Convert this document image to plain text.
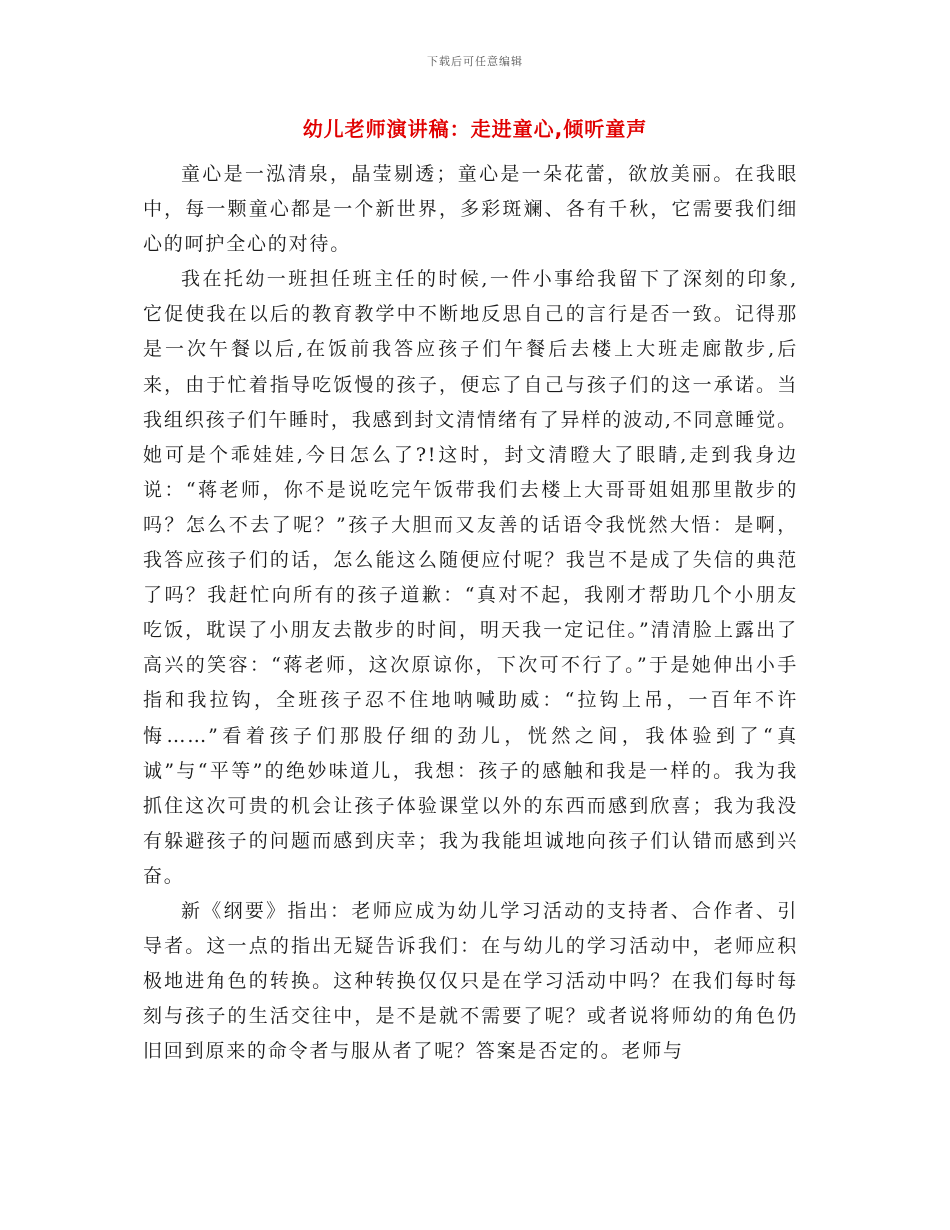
下载后可任意编辑
幼儿老师演讲稿：走进童心,倾听童声

童心是一泓清泉，晶莹剔透；童心是一朵花蕾，欲放美丽。在我眼中，每一颗童心都是一个新世界，多彩斑斓、各有千秋，它需要我们细心的呵护全心的对待。

我在托幼一班担任班主任的时候,一件小事给我留下了深刻的印象,它促使我在以后的教育教学中不断地反思自己的言行是否一致。记得那是一次午餐以后,在饭前我答应孩子们午餐后去楼上大班走廊散步,后来，由于忙着指导吃饭慢的孩子，便忘了自己与孩子们的这一承诺。当我组织孩子们午睡时，我感到封文清情绪有了异样的波动,不同意睡觉。她可是个乖娃娃,今日怎么了?!这时，封文清瞪大了眼睛,走到我身边说：“蒋老师，你不是说吃完午饭带我们去楼上大哥哥姐姐那里散步的吗？怎么不去了呢？”孩子大胆而又友善的话语令我恍然大悟：是啊，我答应孩子们的话，怎么能这么随便应付呢？我岂不是成了失信的典范了吗？我赶忙向所有的孩子道歉：“真对不起，我刚才帮助几个小朋友吃饭，耽误了小朋友去散步的时间，明天我一定记住。”清清脸上露出了高兴的笑容：“蒋老师，这次原谅你，下次可不行了。”于是她伸出小手指和我拉钩，全班孩子忍不住地呐喊助威：“拉钩上吊，一百年不许悔……”看着孩子们那股仔细的劲儿，恍然之间，我体验到了“真诚”与“平等”的绝妙味道儿，我想：孩子的感触和我是一样的。我为我抓住这次可贵的机会让孩子体验课堂以外的东西而感到欣喜；我为我没有躲避孩子的问题而感到庆幸；我为我能坦诚地向孩子们认错而感到兴奋。

新《纲要》指出：老师应成为幼儿学习活动的支持者、合作者、引导者。这一点的指出无疑告诉我们：在与幼儿的学习活动中，老师应积极地进角色的转换。这种转换仅仅只是在学习活动中吗？在我们每时每刻与孩子的生活交往中，是不是就不需要了呢？或者说将师幼的角色仍旧回到原来的命令者与服从者了呢？答案是否定的。老师与
